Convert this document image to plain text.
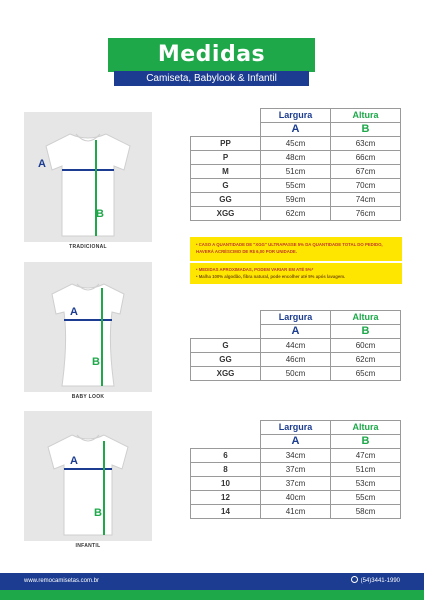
Medidas
Camiseta, Babylook & Infantil
A
B
TRADICIONAL
	Largura	Altura
	A	B
PP	45cm	63cm
P	48cm	66cm
M	51cm	67cm
G	55cm	70cm
GG	59cm	74cm
XGG	62cm	76cm
• CASO A QUANTIDADE DE "XGG" ULTRAPASSE 5% DA QUANTIDADE TOTAL DO PEDIDO, HAVERÁ ACRÉSCIMO DE R$ 6,00 POR UNIDADE.
• MEDIDAS APROXIMADAS, PODEM VARIAR EM ATÉ 5%*
• Malha 100% algodão, fibra natural, pode encolher até 5% após lavagem.
A
B
BABY LOOK
	Largura	Altura
	A	B
G	44cm	60cm
GG	46cm	62cm
XGG	50cm	65cm
A
B
INFANTIL
	Largura	Altura
	A	B
6	34cm	47cm
8	37cm	51cm
10	37cm	53cm
12	40cm	55cm
14	41cm	58cm
www.remocamisetas.com.br	(54)3441-1990
